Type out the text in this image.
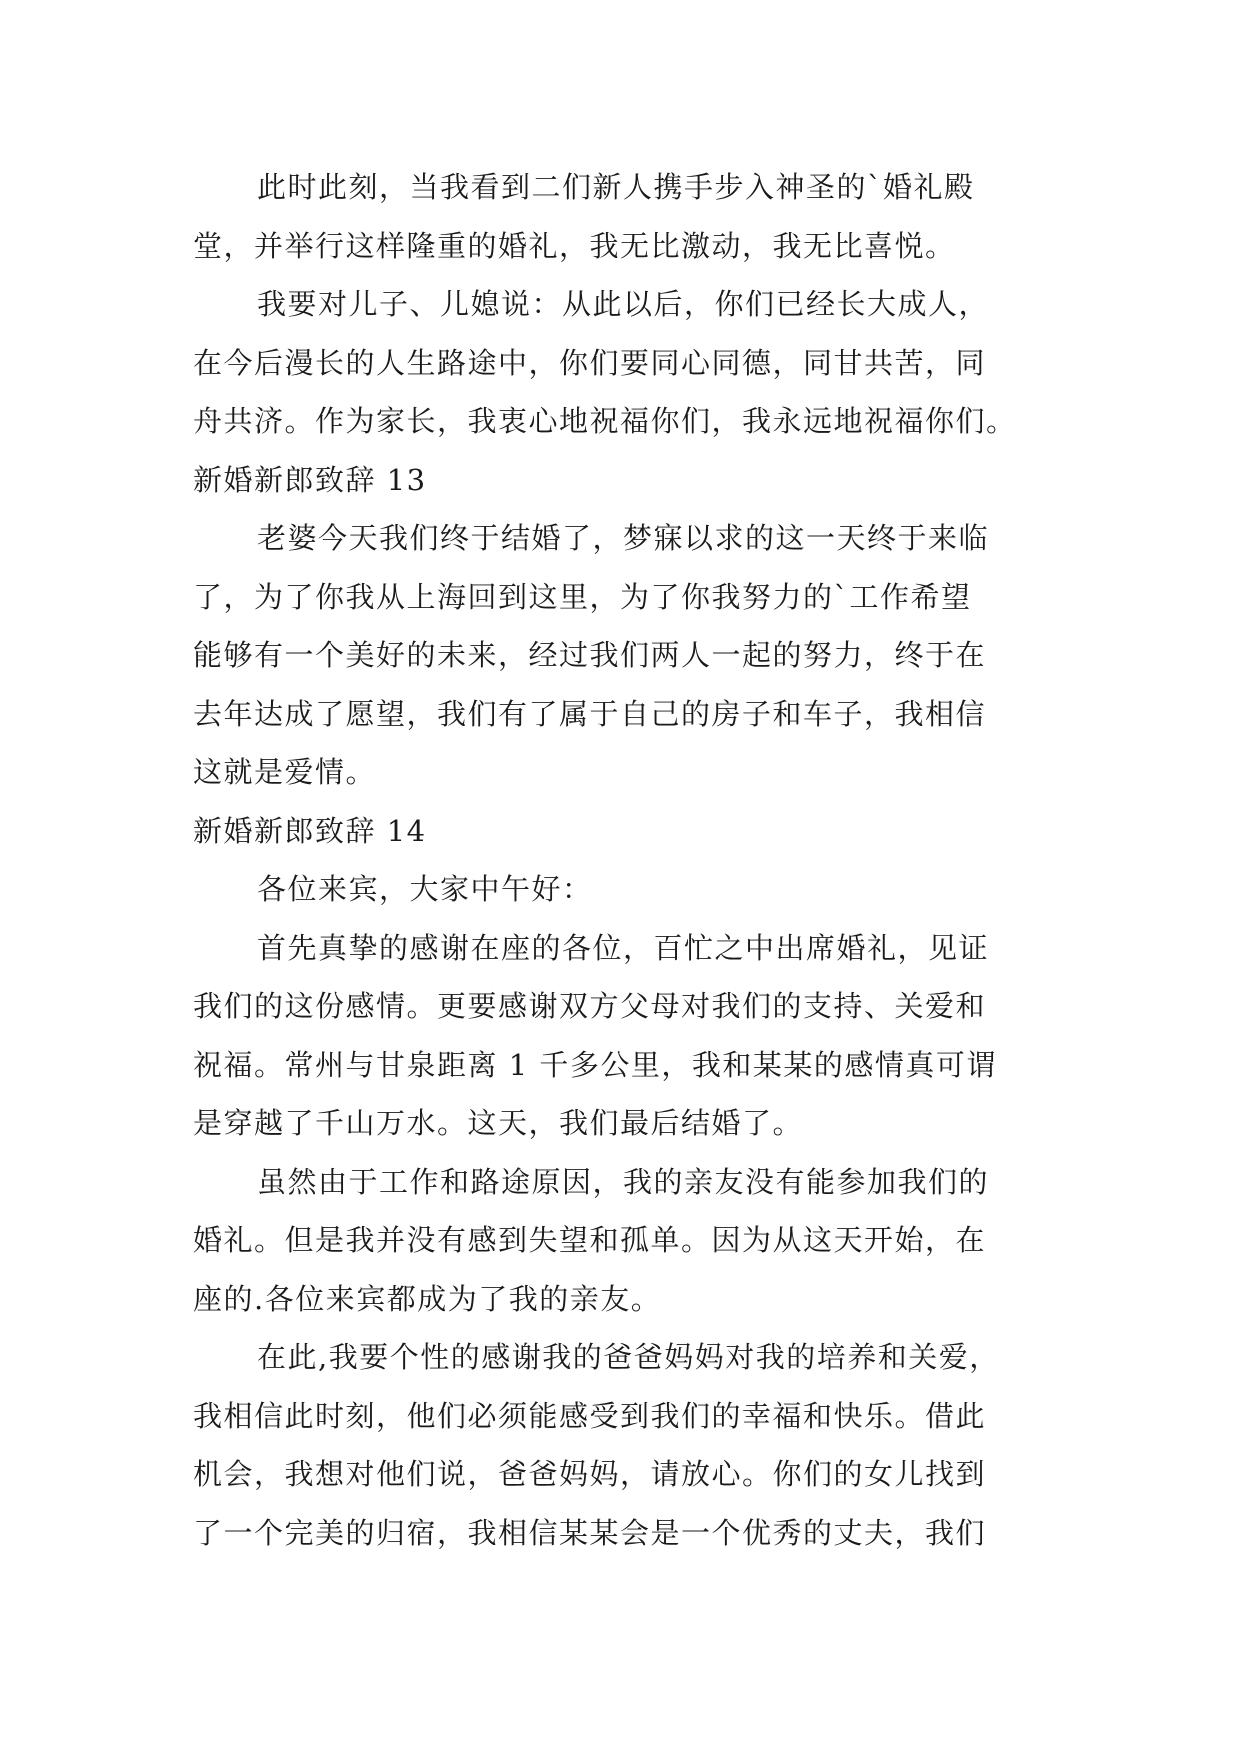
此时此刻，当我看到二们新人携手步入神圣的`婚礼殿
堂，并举行这样隆重的婚礼，我无比激动，我无比喜悦。
我要对儿子、儿媳说：从此以后，你们已经长大成人，
在今后漫长的人生路途中，你们要同心同德，同甘共苦，同
舟共济。作为家长，我衷心地祝福你们，我永远地祝福你们。
新婚新郎致辞 13
老婆今天我们终于结婚了，梦寐以求的这一天终于来临
了，为了你我从上海回到这里，为了你我努力的`工作希望
能够有一个美好的未来，经过我们两人一起的努力，终于在
去年达成了愿望，我们有了属于自己的房子和车子，我相信
这就是爱情。
新婚新郎致辞 14
各位来宾，大家中午好：
首先真挚的感谢在座的各位，百忙之中出席婚礼，见证
我们的这份感情。更要感谢双方父母对我们的支持、关爱和
祝福。常州与甘泉距离 1 千多公里，我和某某的感情真可谓
是穿越了千山万水。这天，我们最后结婚了。
虽然由于工作和路途原因，我的亲友没有能参加我们的
婚礼。但是我并没有感到失望和孤单。因为从这天开始，在
座的.各位来宾都成为了我的亲友。
在此,我要个性的感谢我的爸爸妈妈对我的培养和关爱，
我相信此时刻，他们必须能感受到我们的幸福和快乐。借此
机会，我想对他们说，爸爸妈妈，请放心。你们的女儿找到
了一个完美的归宿，我相信某某会是一个优秀的丈夫，我们
